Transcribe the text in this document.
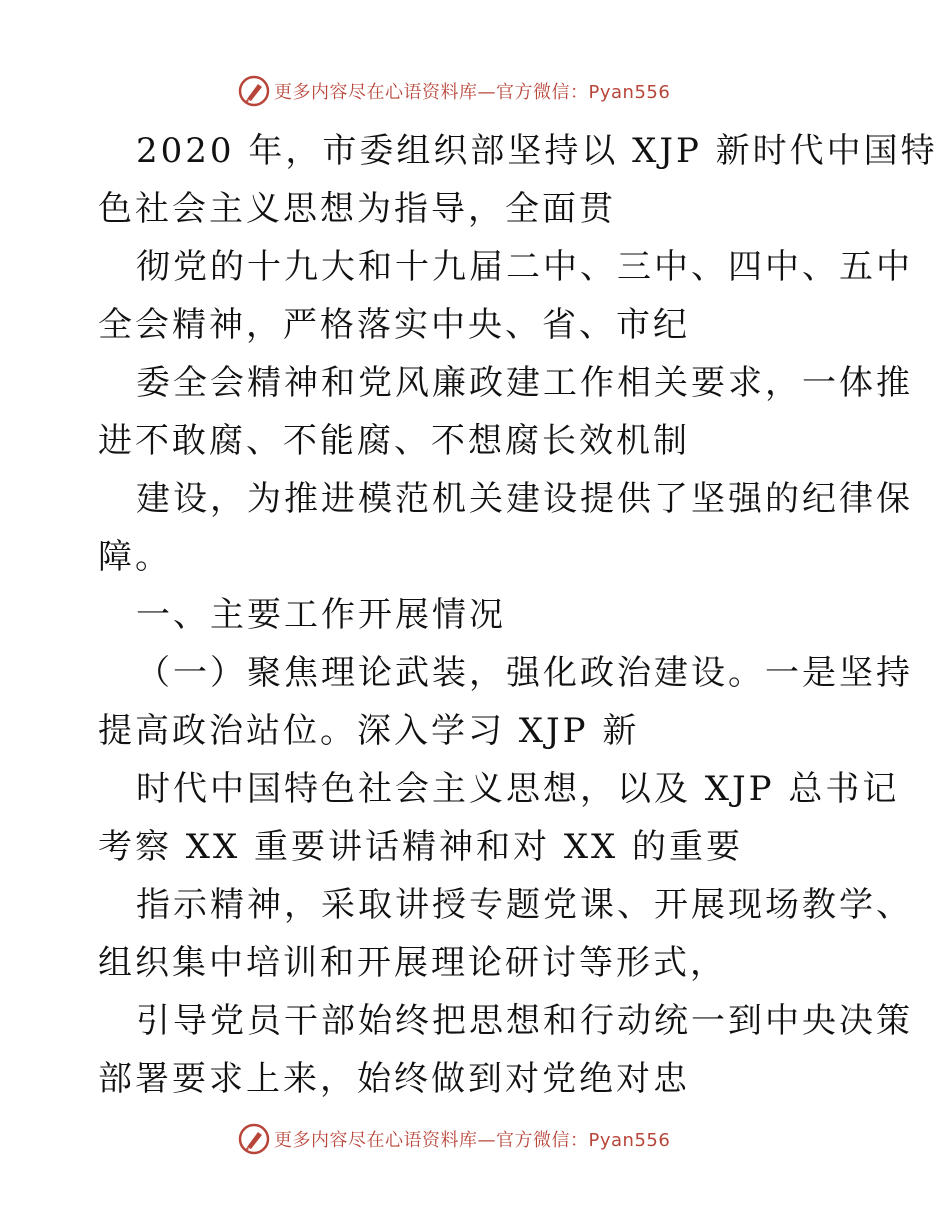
更多内容尽在心语资料库—官方微信：Pyan556
2020 年，市委组织部坚持以 XJP 新时代中国特
色社会主义思想为指导，全面贯
彻党的十九大和十九届二中、三中、四中、五中
全会精神，严格落实中央、省、市纪
委全会精神和党风廉政建工作相关要求，一体推
进不敢腐、不能腐、不想腐长效机制
建设，为推进模范机关建设提供了坚强的纪律保
障。
一、主要工作开展情况
（一）聚焦理论武装，强化政治建设。一是坚持
提高政治站位。深入学习 XJP 新
时代中国特色社会主义思想，以及 XJP 总书记
考察 XX 重要讲话精神和对 XX 的重要
指示精神，采取讲授专题党课、开展现场教学、
组织集中培训和开展理论研讨等形式，
引导党员干部始终把思想和行动统一到中央决策
部署要求上来，始终做到对党绝对忠
更多内容尽在心语资料库—官方微信：Pyan556
